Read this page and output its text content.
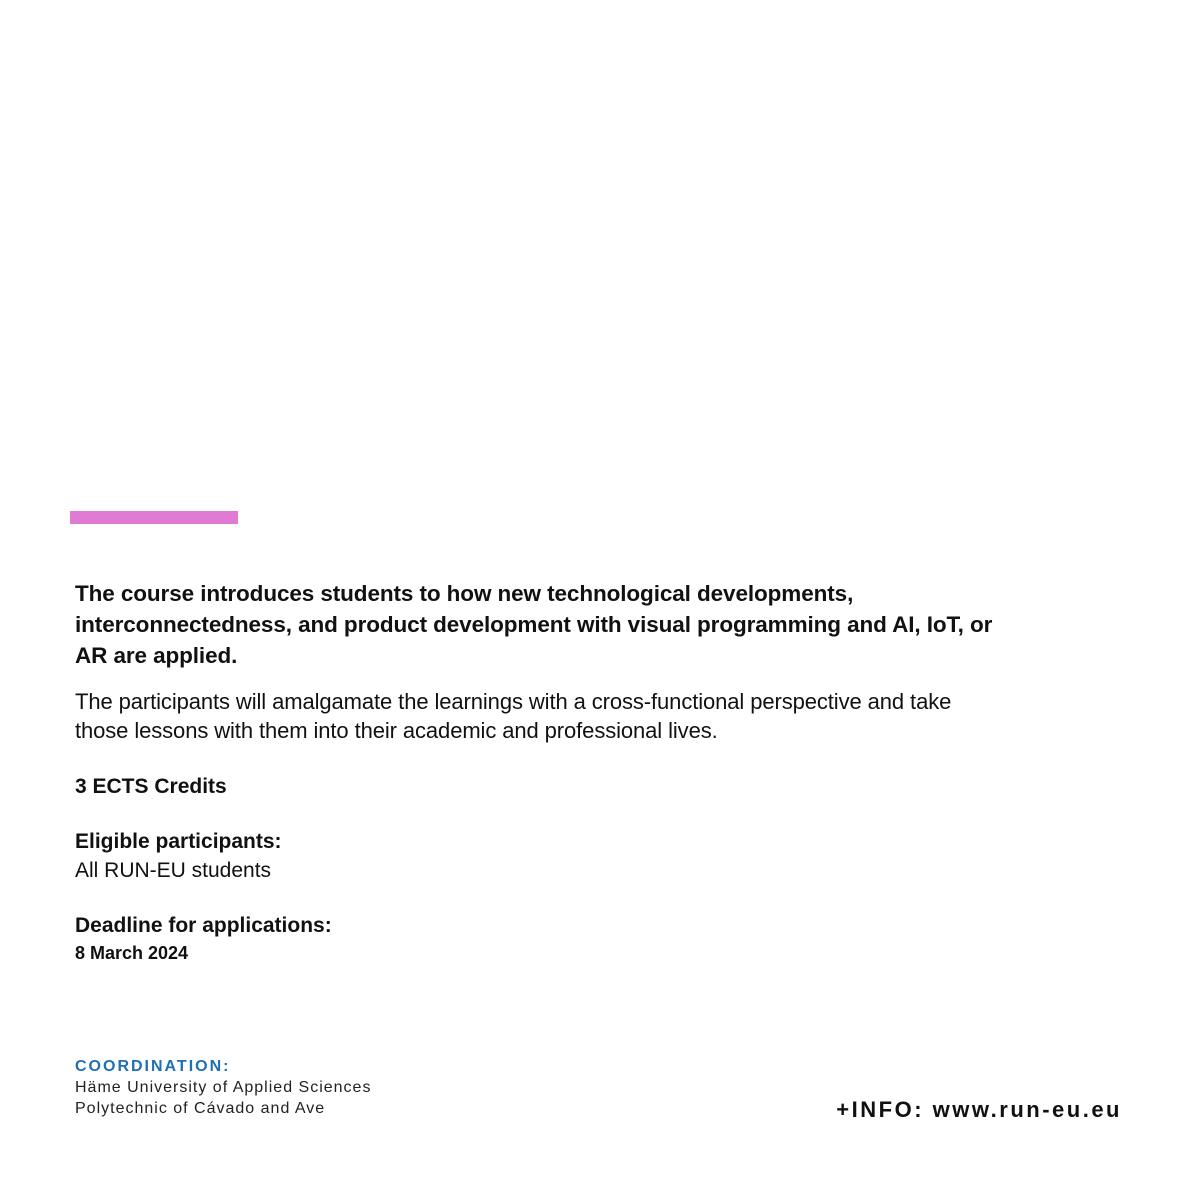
The course introduces students to how new technological developments, interconnectedness, and product development with visual programming and AI, IoT, or AR are applied.

The participants will amalgamate the learnings with a cross-functional perspective and take those lessons with them into their academic and professional lives.

3 ECTS Credits

Eligible participants:

All RUN-EU students

Deadline for applications:

8 March 2024

COORDINATION:

Häme University of Applied Sciences

Polytechnic of Cávado and Ave	+INFO: www.run-eu.eu
